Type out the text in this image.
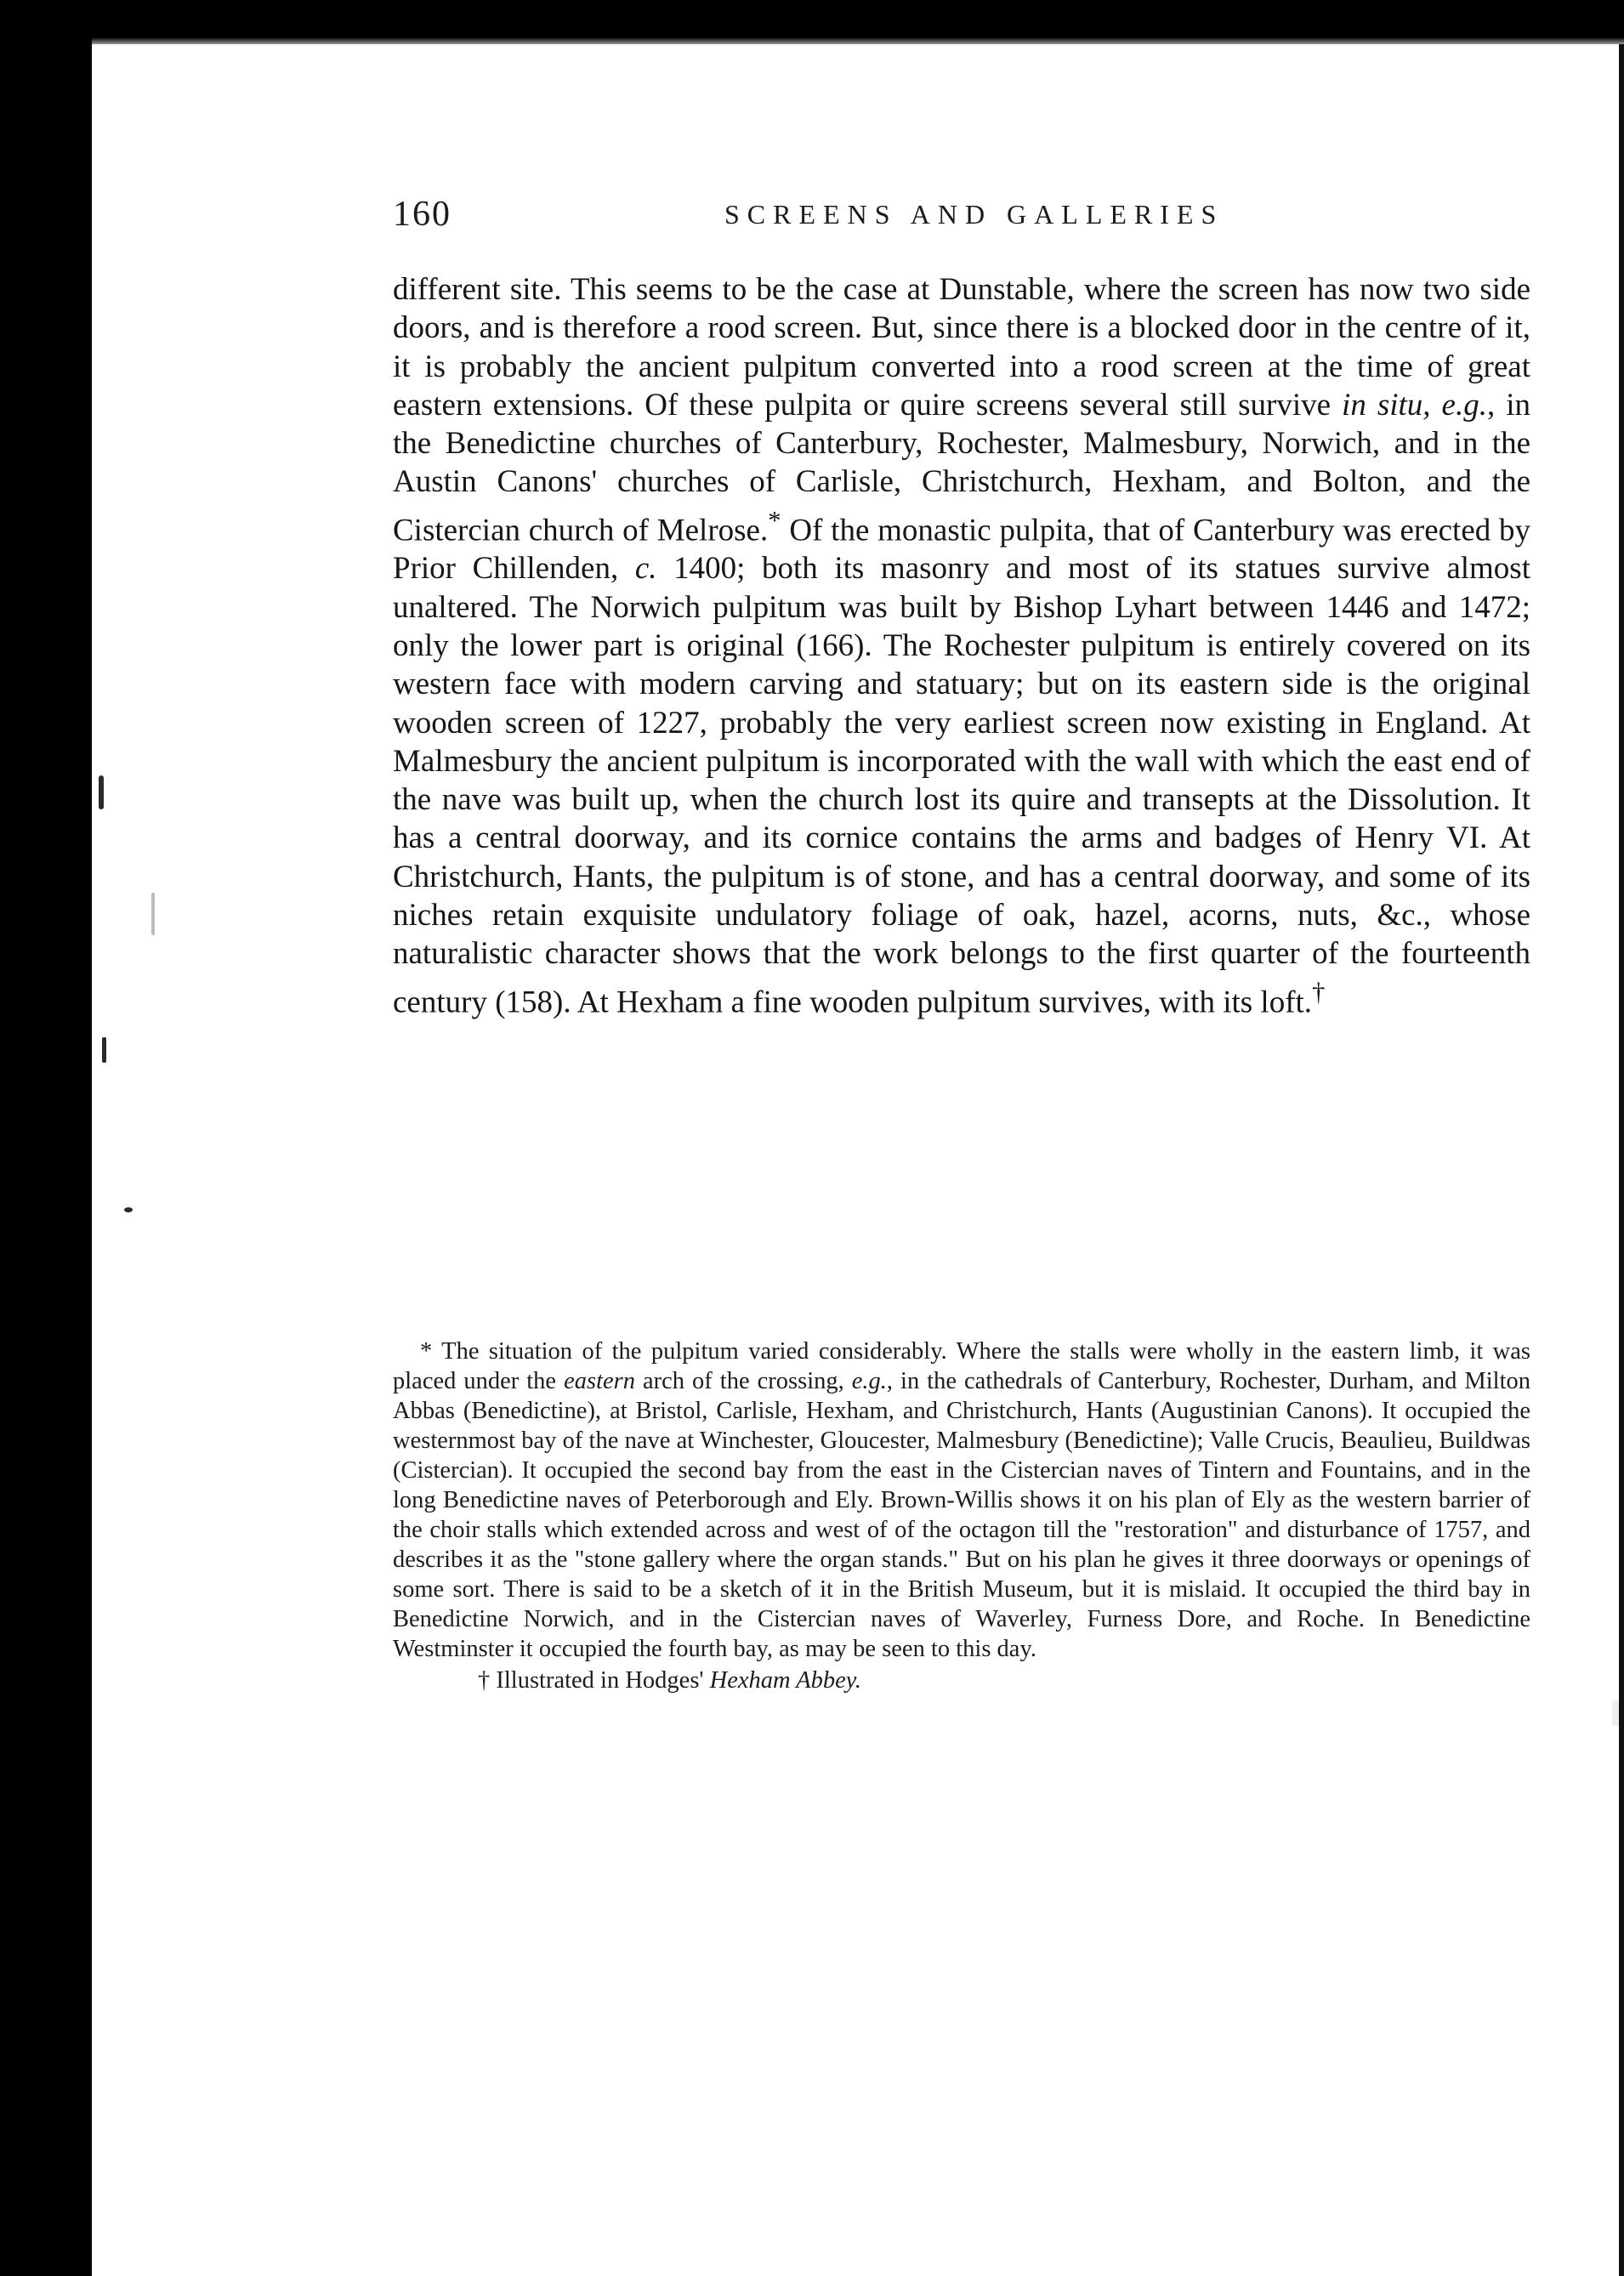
160	SCREENS AND GALLERIES

different site. This seems to be the case at Dunstable, where the screen has now two side doors, and is therefore a rood screen. But, since there is a blocked door in the centre of it, it is probably the ancient pulpitum converted into a rood screen at the time of great eastern extensions. Of these pulpita or quire screens several still survive in situ, e.g., in the Benedictine churches of Canterbury, Rochester, Malmesbury, Norwich, and in the Austin Canons' churches of Carlisle, Christchurch, Hexham, and Bolton, and the Cistercian church of Melrose.* Of the monastic pulpita, that of Canterbury was erected by Prior Chillenden, c. 1400; both its masonry and most of its statues survive almost unaltered. The Norwich pulpitum was built by Bishop Lyhart between 1446 and 1472; only the lower part is original (166). The Rochester pulpitum is entirely covered on its western face with modern carving and statuary; but on its eastern side is the original wooden screen of 1227, probably the very earliest screen now existing in England. At Malmesbury the ancient pulpitum is incorporated with the wall with which the east end of the nave was built up, when the church lost its quire and transepts at the Dissolution. It has a central doorway, and its cornice contains the arms and badges of Henry VI. At Christchurch, Hants, the pulpitum is of stone, and has a central doorway, and some of its niches retain exquisite undulatory foliage of oak, hazel, acorns, nuts, &c., whose naturalistic character shows that the work belongs to the first quarter of the fourteenth century (158). At Hexham a fine wooden pulpitum survives, with its loft.†

* The situation of the pulpitum varied considerably. Where the stalls were wholly in the eastern limb, it was placed under the eastern arch of the crossing, e.g., in the cathedrals of Canterbury, Rochester, Durham, and Milton Abbas (Benedictine), at Bristol, Carlisle, Hexham, and Christchurch, Hants (Augustinian Canons). It occupied the westernmost bay of the nave at Winchester, Gloucester, Malmesbury (Benedictine); Valle Crucis, Beaulieu, Buildwas (Cistercian). It occupied the second bay from the east in the Cistercian naves of Tintern and Fountains, and in the long Benedictine naves of Peterborough and Ely. Brown-Willis shows it on his plan of Ely as the western barrier of the choir stalls which extended across and west of of the octagon till the "restoration" and disturbance of 1757, and describes it as the "stone gallery where the organ stands." But on his plan he gives it three doorways or openings of some sort. There is said to be a sketch of it in the British Museum, but it is mislaid. It occupied the third bay in Benedictine Norwich, and in the Cistercian naves of Waverley, Furness Dore, and Roche. In Benedictine Westminster it occupied the fourth bay, as may be seen to this day.

† Illustrated in Hodges' Hexham Abbey.
